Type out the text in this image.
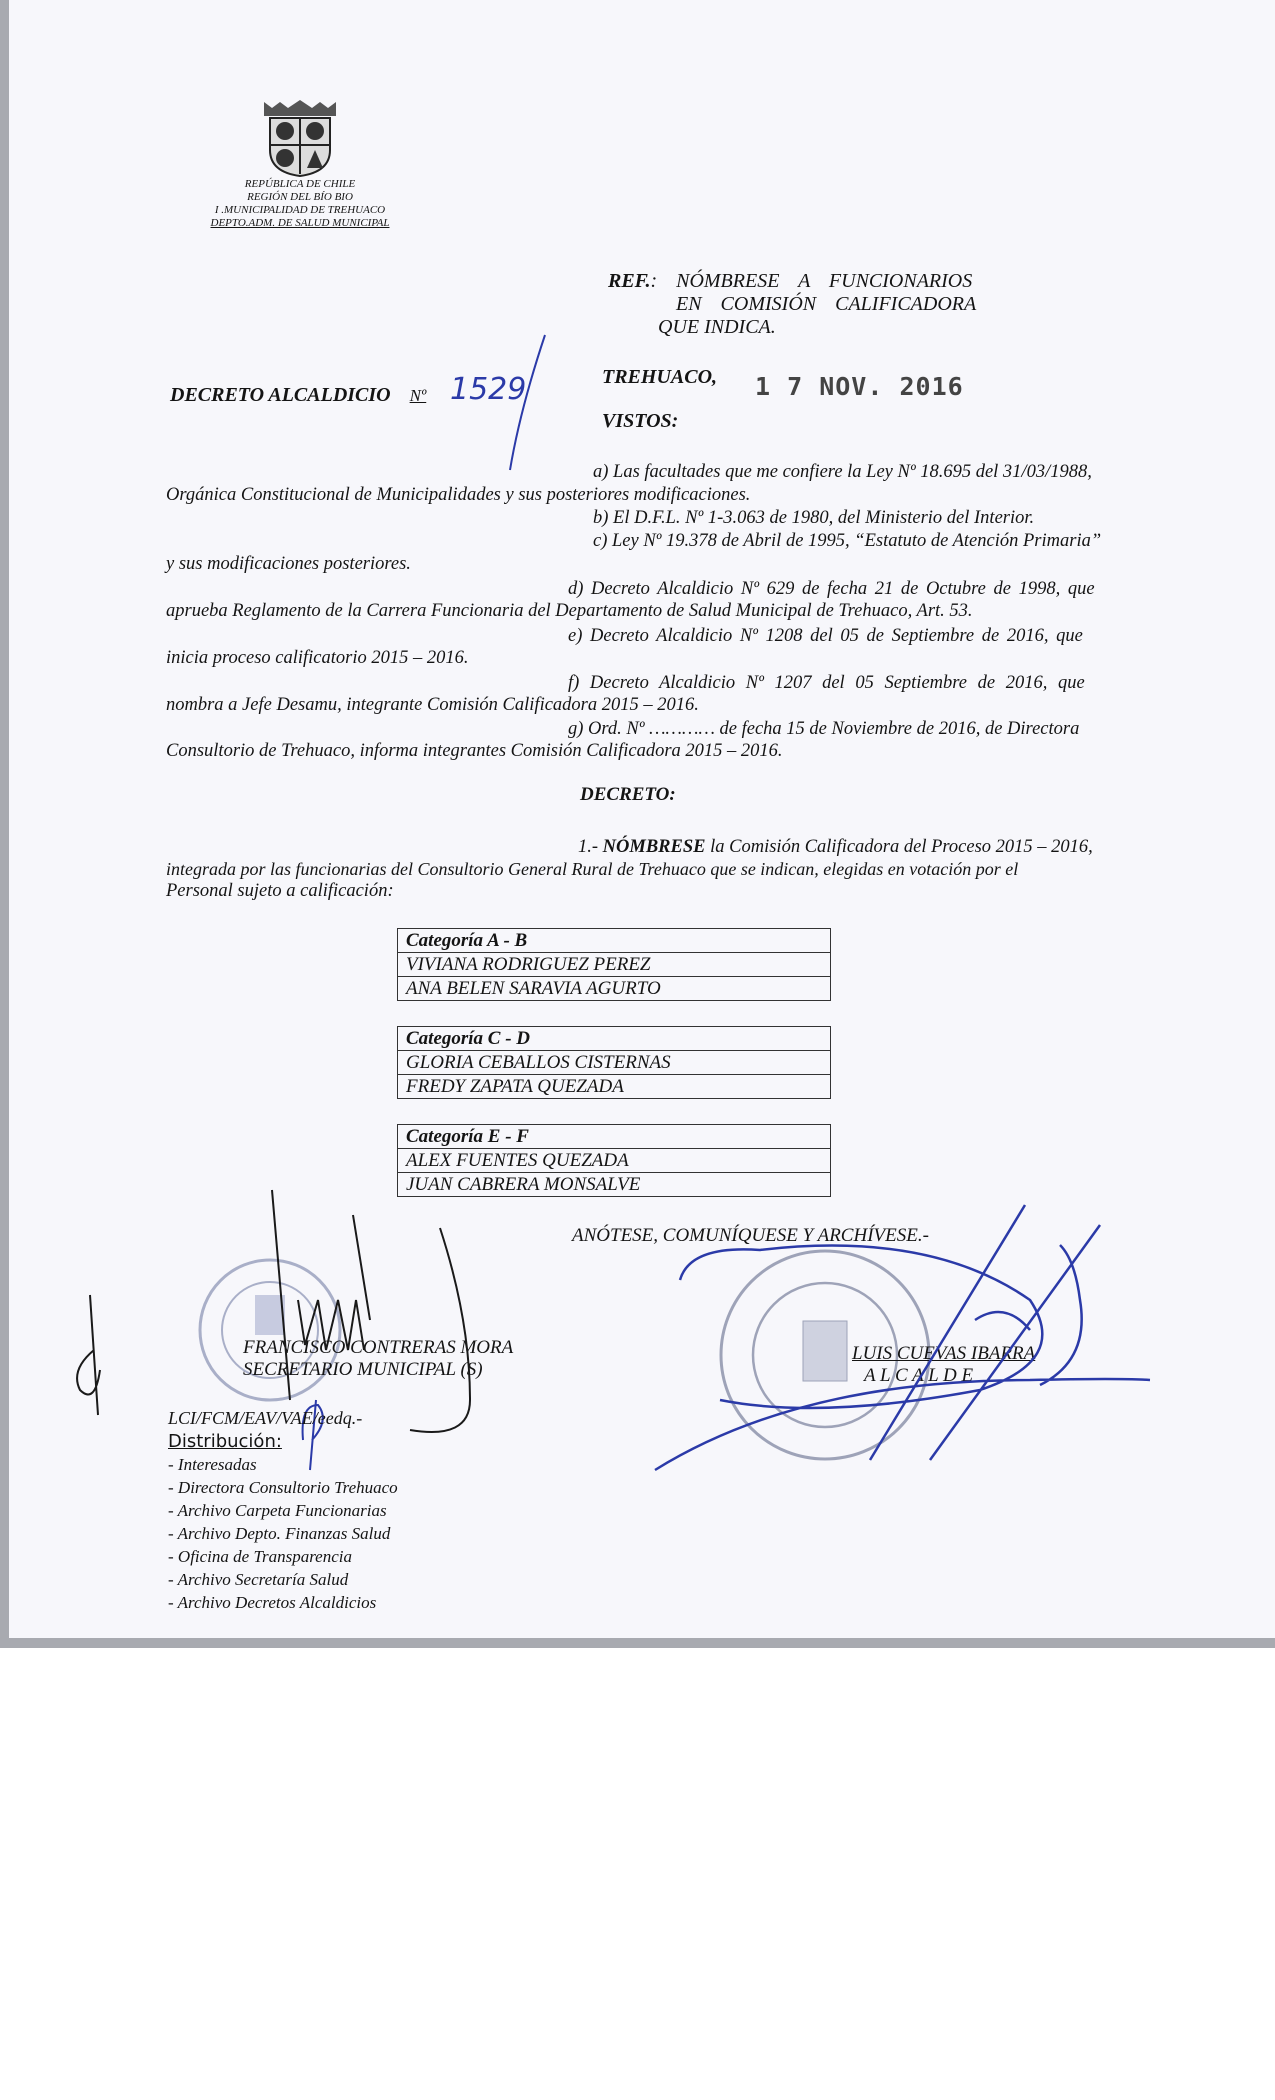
REPÚBLICA DE CHILE
REGIÓN DEL BÍO BIO
I .MUNICIPALIDAD DE TREHUACO
DEPTO.ADM. DE SALUD MUNICIPAL
REF.: NÓMBRESE A FUNCIONARIOS
EN COMISIÓN CALIFICADORA
QUE INDICA.
DECRETO ALCALDICIO Nº 1529	TREHUACO, 1 7 NOV. 2016
VISTOS:
a) Las facultades que me confiere la Ley Nº 18.695 del 31/03/1988,
Orgánica Constitucional de Municipalidades y sus posteriores modificaciones.
b) El D.F.L. Nº 1-3.063 de 1980, del Ministerio del Interior.
c) Ley Nº 19.378 de Abril de 1995, “Estatuto de Atención Primaria”
y sus modificaciones posteriores.
d) Decreto Alcaldicio Nº 629 de fecha 21 de Octubre de 1998, que
aprueba Reglamento de la Carrera Funcionaria del Departamento de Salud Municipal de Trehuaco, Art. 53.
e) Decreto Alcaldicio Nº 1208 del 05 de Septiembre de 2016, que
inicia proceso calificatorio 2015 – 2016.
f) Decreto Alcaldicio Nº 1207 del 05 Septiembre de 2016, que
nombra a Jefe Desamu, integrante Comisión Calificadora 2015 – 2016.
g) Ord. Nº ………… de fecha 15 de Noviembre de 2016, de Directora
Consultorio de Trehuaco, informa integrantes Comisión Calificadora 2015 – 2016.
DECRETO:
1.- NÓMBRESE la Comisión Calificadora del Proceso 2015 – 2016,
integrada por las funcionarias del Consultorio General Rural de Trehuaco que se indican, elegidas en votación por el
Personal sujeto a calificación:
Categoría A - B
VIVIANA RODRIGUEZ PEREZ
ANA BELEN SARAVIA AGURTO
Categoría C - D
GLORIA CEBALLOS CISTERNAS
FREDY ZAPATA QUEZADA
Categoría E - F
ALEX FUENTES QUEZADA
JUAN CABRERA MONSALVE
ANÓTESE, COMUNÍQUESE Y ARCHÍVESE.-
FRANCISCO CONTRERAS MORA
SECRETARIO MUNICIPAL (S)
LUIS CUEVAS IBARRA
A L C A L D E
LCI/FCM/EAV/VAE/eedq.-
Distribución:
- Interesadas
- Directora Consultorio Trehuaco
- Archivo Carpeta Funcionarias
- Archivo Depto. Finanzas Salud
- Oficina de Transparencia
- Archivo Secretaría Salud
- Archivo Decretos Alcaldicios
